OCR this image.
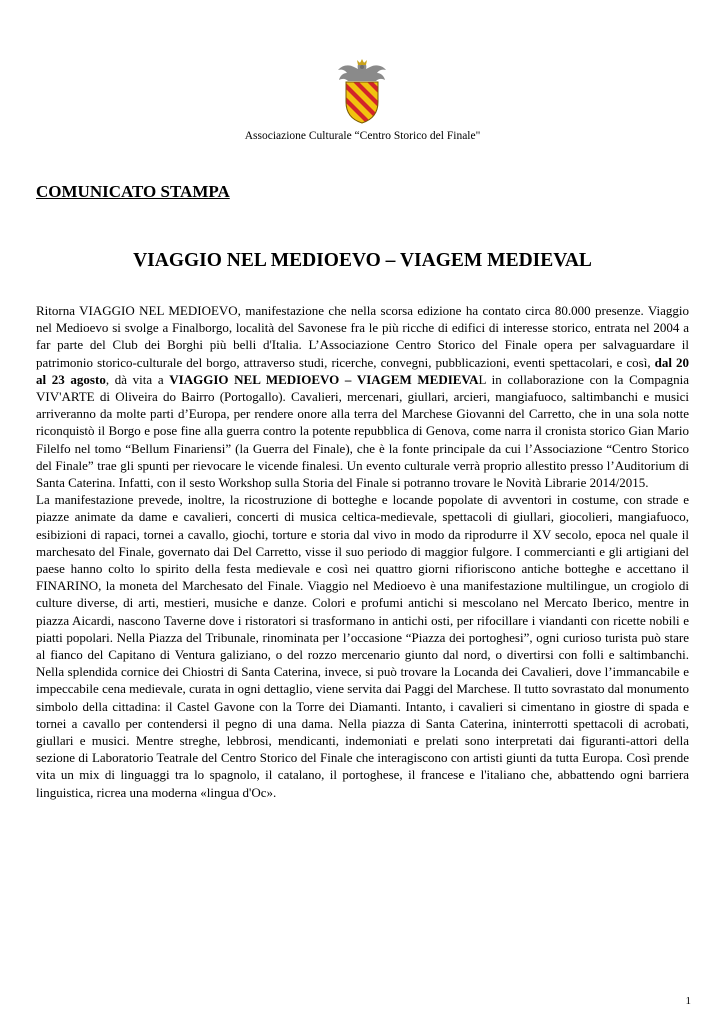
Associazione Culturale “Centro Storico del Finale"
COMUNICATO STAMPA
VIAGGIO NEL MEDIOEVO – VIAGEM MEDIEVAL

Ritorna VIAGGIO NEL MEDIOEVO, manifestazione che nella scorsa edizione ha contato circa 80.000 presenze. Viaggio nel Medioevo si svolge a Finalborgo, località del Savonese fra le più ricche di edifici di interesse storico, entrata nel 2004 a far parte del Club dei Borghi più belli d'Italia. L’Associazione Centro Storico del Finale opera per salvaguardare il patrimonio storico-culturale del borgo, attraverso studi, ricerche, convegni, pubblicazioni, eventi spettacolari, e così, dal 20 al 23 agosto, dà vita a VIAGGIO NEL MEDIOEVO – VIAGEM MEDIEVAL in collaborazione con la Compagnia VIV'ARTE di Oliveira do Bairro (Portogallo). Cavalieri, mercenari, giullari, arcieri, mangiafuoco, saltimbanchi e musici arriveranno da molte parti d’Europa, per rendere onore alla terra del Marchese Giovanni del Carretto, che in una sola notte riconquistò il Borgo e pose fine alla guerra contro la potente repubblica di Genova, come narra il cronista storico Gian Mario Filelfo nel tomo “Bellum Finariensi” (la Guerra del Finale), che è la fonte principale da cui l’Associazione “Centro Storico del Finale” trae gli spunti per rievocare le vicende finalesi. Un evento culturale verrà proprio allestito presso l’Auditorium di Santa Caterina. Infatti, con il sesto Workshop sulla Storia del Finale si potranno trovare le Novità Librarie 2014/2015.

La manifestazione prevede, inoltre, la ricostruzione di botteghe e locande popolate di avventori in costume, con strade e piazze animate da dame e cavalieri, concerti di musica celtica-medievale, spettacoli di giullari, giocolieri, mangiafuoco, esibizioni di rapaci, tornei a cavallo, giochi, torture e storia dal vivo in modo da riprodurre il XV secolo, epoca nel quale il marchesato del Finale, governato dai Del Carretto, visse il suo periodo di maggior fulgore. I commercianti e gli artigiani del paese hanno colto lo spirito della festa medievale e così nei quattro giorni rifioriscono antiche botteghe e accettano il FINARINO, la moneta del Marchesato del Finale. Viaggio nel Medioevo è una manifestazione multilingue, un crogiolo di culture diverse, di arti, mestieri, musiche e danze. Colori e profumi antichi si mescolano nel Mercato Iberico, mentre in piazza Aicardi, nascono Taverne dove i ristoratori si trasformano in antichi osti, per rifocillare i viandanti con ricette nobili e piatti popolari. Nella Piazza del Tribunale, rinominata per l’occasione “Piazza dei portoghesi”, ogni curioso turista può stare al fianco del Capitano di Ventura galiziano, o del rozzo mercenario giunto dal nord, o divertirsi con folli e saltimbanchi. Nella splendida cornice dei Chiostri di Santa Caterina, invece, si può trovare la Locanda dei Cavalieri, dove l’immancabile e impeccabile cena medievale, curata in ogni dettaglio, viene servita dai Paggi del Marchese. Il tutto sovrastato dal monumento simbolo della cittadina: il Castel Gavone con la Torre dei Diamanti. Intanto, i cavalieri si cimentano in giostre di spada e tornei a cavallo per contendersi il pegno di una dama. Nella piazza di Santa Caterina, ininterrotti spettacoli di acrobati, giullari e musici. Mentre streghe, lebbrosi, mendicanti, indemoniati e prelati sono interpretati dai figuranti-attori della sezione di Laboratorio Teatrale del Centro Storico del Finale che interagiscono con artisti giunti da tutta Europa. Così prende vita un mix di linguaggi tra lo spagnolo, il catalano, il portoghese, il francese e l'italiano che, abbattendo ogni barriera linguistica, ricrea una moderna «lingua d'Oc».

1
